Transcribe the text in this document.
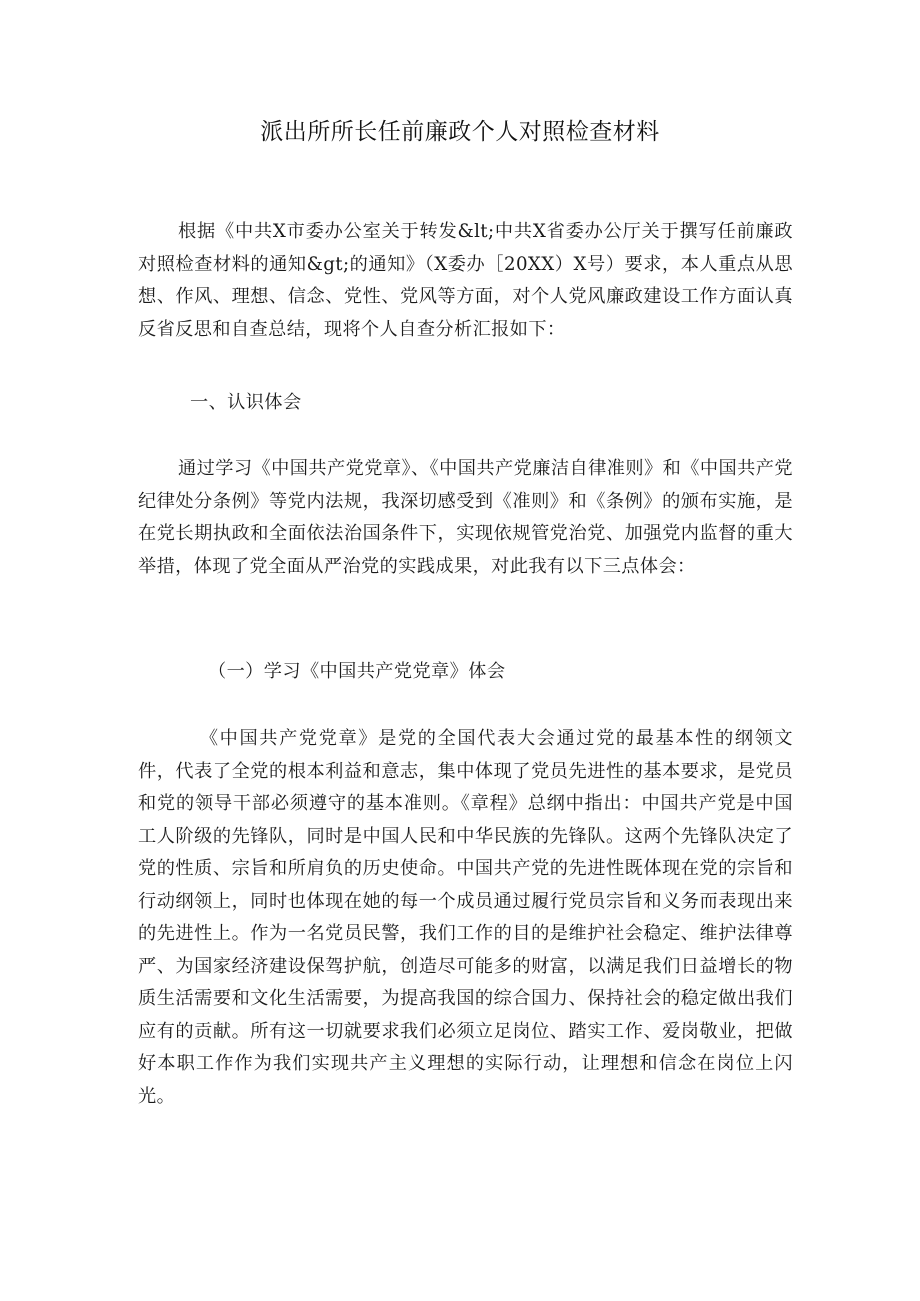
派出所所长任前廉政个人对照检查材料

根据《中共X市委办公室关于转发&lt;中共X省委办公厅关于撰写任前廉政对照检查材料的通知&gt;的通知》（X委办［20XX）X号）要求，本人重点从思想、作风、理想、信念、党性、党风等方面，对个人党风廉政建设工作方面认真反省反思和自查总结，现将个人自查分析汇报如下：

一、认识体会

通过学习《中国共产党党章》、《中国共产党廉洁自律准则》和《中国共产党纪律处分条例》等党内法规，我深切感受到《准则》和《条例》的颁布实施，是在党长期执政和全面依法治国条件下，实现依规管党治党、加强党内监督的重大举措，体现了党全面从严治党的实践成果，对此我有以下三点体会：

（一）学习《中国共产党党章》体会

《中国共产党党章》是党的全国代表大会通过党的最基本性的纲领文件，代表了全党的根本利益和意志，集中体现了党员先进性的基本要求，是党员和党的领导干部必须遵守的基本准则。《章程》总纲中指出：中国共产党是中国工人阶级的先锋队，同时是中国人民和中华民族的先锋队。这两个先锋队决定了党的性质、宗旨和所肩负的历史使命。中国共产党的先进性既体现在党的宗旨和行动纲领上，同时也体现在她的每一个成员通过履行党员宗旨和义务而表现出来的先进性上。作为一名党员民警，我们工作的目的是维护社会稳定、维护法律尊严、为国家经济建设保驾护航，创造尽可能多的财富，以满足我们日益增长的物质生活需要和文化生活需要，为提高我国的综合国力、保持社会的稳定做出我们应有的贡献。所有这一切就要求我们必须立足岗位、踏实工作、爱岗敬业，把做好本职工作作为我们实现共产主义理想的实际行动，让理想和信念在岗位上闪光。
